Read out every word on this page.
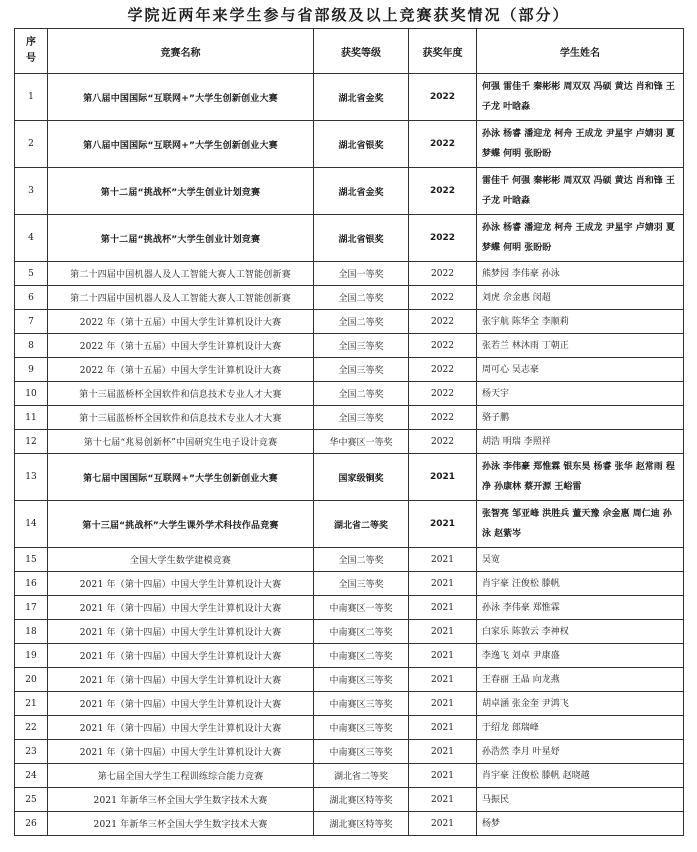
学院近两年来学生参与省部级及以上竞赛获奖情况（部分）
序
号	竞赛名称	获奖等级	获奖年度	学生姓名
1	第八届中国国际“互联网+”大学生创新创业大赛	湖北省金奖	2022	何强 雷佳千 秦彬彬 周双双 冯硕 黄达 肖和锋 王子龙 叶晗淼
2	第八届中国国际“互联网+”大学生创新创业大赛	湖北省银奖	2022	孙泳 杨睿 潘迎龙 柯舟 王成龙 尹星宇 卢婧羽 夏梦蝶 何明 张盼盼
3	第十二届“挑战杯”大学生创业计划竞赛	湖北省金奖	2022	雷佳千 何强 秦彬彬 周双双 冯硕 黄达 肖和锋 王子龙 叶晗淼
4	第十二届“挑战杯”大学生创业计划竞赛	湖北省银奖	2022	孙泳 杨睿 潘迎龙 柯舟 王成龙 尹星宇 卢婧羽 夏梦蝶 何明 张盼盼
5	第二十四届中国机器人及人工智能大赛人工智能创新赛	全国一等奖	2022	熊梦园 李伟豪 孙泳
6	第二十四届中国机器人及人工智能大赛人工智能创新赛	全国二等奖	2022	刘虎 佘金惠 闵超
7	2022 年（第十五届）中国大学生计算机设计大赛	全国二等奖	2022	张宇航 陈华全 李顺莉
8	2022 年（第十五届）中国大学生计算机设计大赛	全国三等奖	2022	张若兰 林沐雨 丁朝正
9	2022 年（第十五届）中国大学生计算机设计大赛	全国三等奖	2022	周可心 吴志豪
10	第十三届蓝桥杯全国软件和信息技术专业人才大赛	全国二等奖	2022	杨天宇
11	第十三届蓝桥杯全国软件和信息技术专业人才大赛	全国三等奖	2022	骆子鹏
12	第十七届“兆易创新杯”中国研究生电子设计竞赛	华中赛区一等奖	2022	胡浩 明瑞 李照祥
13	第七届中国国际“互联网+”大学生创新创业大赛	国家级铜奖	2021	孙泳 李伟豪 郑惟霖 银东昊 杨睿 张华 赵常雨 程净 孙康林 蔡开源 王峪雷
14	第十三届“挑战杯”大学生课外学术科技作品竞赛	湖北省二等奖	2021	张智亮 邹亚峰 洪胜兵 董天豫 佘金惠 周仁迪 孙泳 赵紫岑
15	全国大学生数学建模竞赛	全国二等奖	2021	吴宽
16	2021 年（第十四届）中国大学生计算机设计大赛	全国三等奖	2021	肖宇豪 汪俊松 滕帆
17	2021 年（第十四届）中国大学生计算机设计大赛	中南赛区一等奖	2021	孙泳 李伟豪 郑惟霖
18	2021 年（第十四届）中国大学生计算机设计大赛	中南赛区二等奖	2021	白家乐 陈敦云 李神权
19	2021 年（第十四届）中国大学生计算机设计大赛	中南赛区二等奖	2021	李逸飞 刘卓 尹康盛
20	2021 年（第十四届）中国大学生计算机设计大赛	中南赛区三等奖	2021	王春丽 王晶 向龙燕
21	2021 年（第十四届）中国大学生计算机设计大赛	中南赛区三等奖	2021	胡卓涵 张金奎 尹鸿飞
22	2021 年（第十四届）中国大学生计算机设计大赛	中南赛区三等奖	2021	于绍龙 郎瑞峰
23	2021 年（第十四届）中国大学生计算机设计大赛	中南赛区三等奖	2021	孙浩然 李月 叶星妤
24	第七届全国大学生工程训练综合能力竞赛	湖北省二等奖	2021	肖宇豪 汪俊松 滕帆 赵晓越
25	2021 年新华三杯全国大学生数字技术大赛	湖北赛区特等奖	2021	马振民
26	2021 年新华三杯全国大学生数字技术大赛	湖北赛区特等奖	2021	杨梦
